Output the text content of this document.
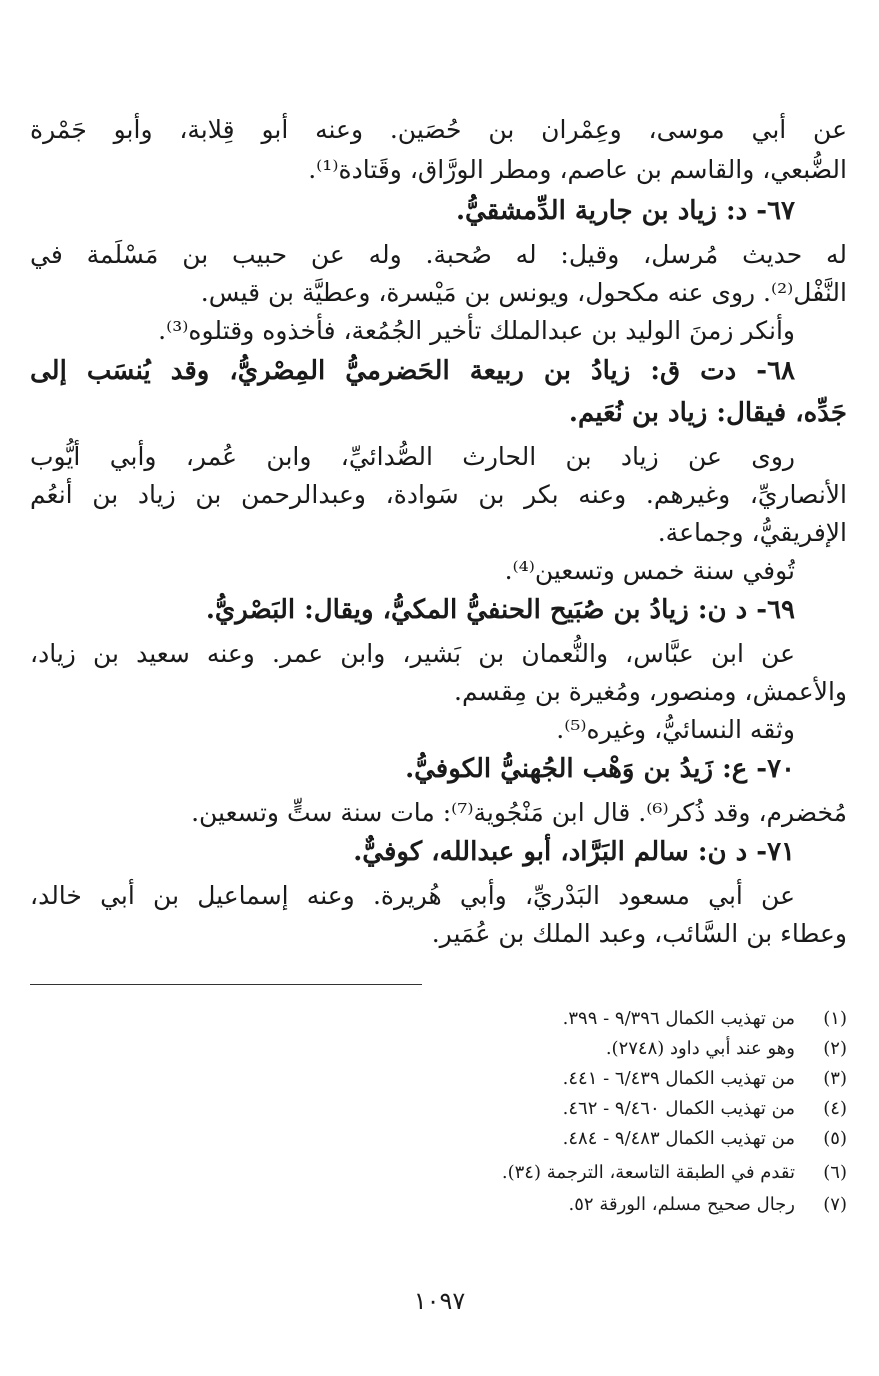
عن أبي موسى، وعِمْران بن حُصَين. وعنه أبو قِلابة، وأبو جَمْرة
الضُّبعي، والقاسم بن عاصم، ومطر الورَّاق، وقَتادة⁽¹⁾.
٦٧- د: زياد بن جارية الدِّمشقيُّ.
له حديث مُرسل، وقيل: له صُحبة. وله عن حبيب بن مَسْلَمة في
النَّفْل⁽²⁾. روى عنه مكحول، ويونس بن مَيْسرة، وعطيَّة بن قيس.
وأنكر زمنَ الوليد بن عبدالملك تأخير الجُمُعة، فأخذوه وقتلوه⁽³⁾.
٦٨- دت ق: زيادُ بن ربيعة الحَضرميُّ المِصْريُّ، وقد يُنسَب إلى
جَدِّه، فيقال: زياد بن نُعَيم.
روى عن زياد بن الحارث الصُّدائيِّ، وابن عُمر، وأبي أيُّوب
الأنصاريِّ، وغيرهم. وعنه بكر بن سَوادة، وعبدالرحمن بن زياد بن أنعُم
الإفريقيُّ، وجماعة.
تُوفي سنة خمس وتسعين⁽⁴⁾.
٦٩- د ن: زيادُ بن صُبَيح الحنفيُّ المكيُّ، ويقال: البَصْريُّ.
عن ابن عبَّاس، والنُّعمان بن بَشير، وابن عمر. وعنه سعيد بن زياد،
والأعمش، ومنصور، ومُغيرة بن مِقسم.
وثقه النسائيُّ، وغيره⁽⁵⁾.
٧٠- ع: زَيدُ بن وَهْب الجُهنيُّ الكوفيُّ.
مُخضرم، وقد ذُكر⁽⁶⁾. قال ابن مَنْجُوية⁽⁷⁾: مات سنة ستٍّ وتسعين.
٧١- د ن: سالم البَرَّاد، أبو عبدالله، كوفيٌّ.
عن أبي مسعود البَدْريِّ، وأبي هُريرة. وعنه إسماعيل بن أبي خالد،
وعطاء بن السَّائب، وعبد الملك بن عُمَير.
(١)من تهذيب الكمال ٩/٣٩٦ - ٣٩٩.
(٢)وهو عند أبي داود (٢٧٤٨).
(٣)من تهذيب الكمال ٦/٤٣٩ - ٤٤١.
(٤)من تهذيب الكمال ٩/٤٦٠ - ٤٦٢.
(٥)من تهذيب الكمال ٩/٤٨٣ - ٤٨٤.
(٦)تقدم في الطبقة التاسعة، الترجمة (٣٤).
(٧)رجال صحيح مسلم، الورقة ٥٢.
١٠٩٧
